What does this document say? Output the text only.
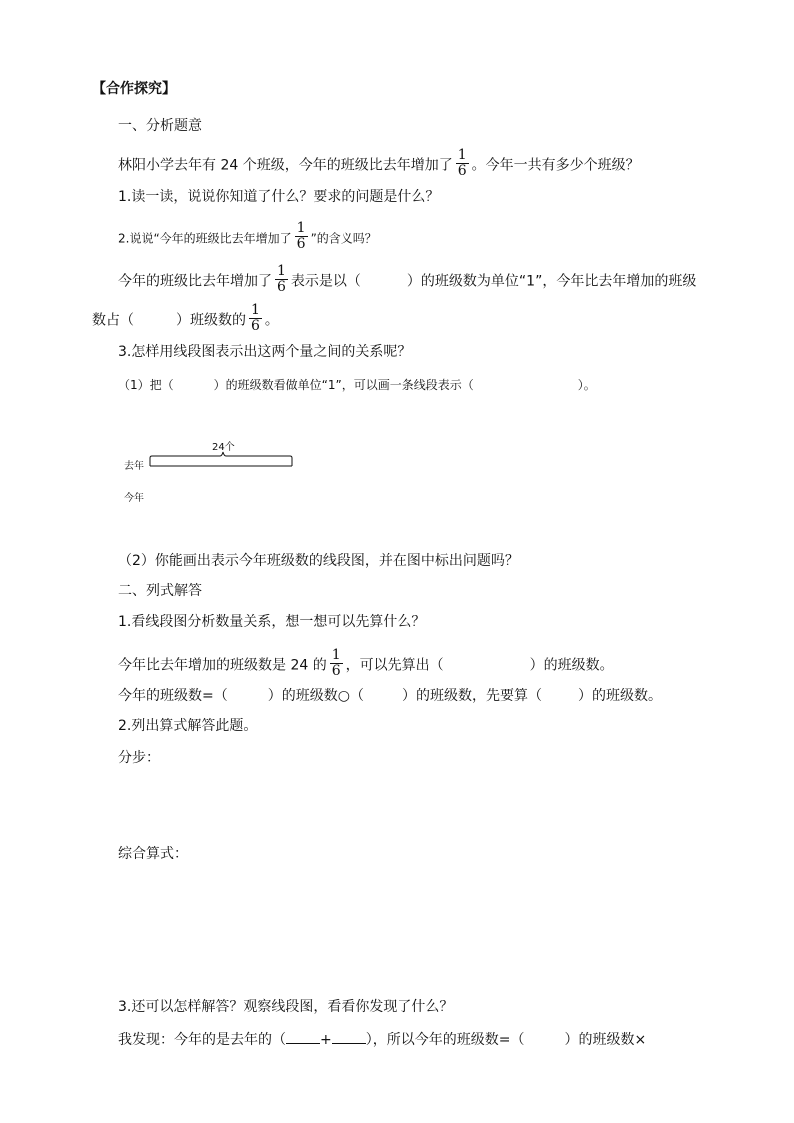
【合作探究】
一、分析题意
林阳小学去年有 24 个班级，今年的班级比去年增加了 $\frac{1}{6}$ 。今年一共有多少个班级？
1.读一读，说说你知道了什么？要求的问题是什么？
2.说说“今年的班级比去年增加了 $\frac{1}{6}$ ”的含义吗？
今年的班级比去年增加了 $\frac{1}{6}$ 表示是以（	）的班级数为单位“1”，今年比去年增加的班级
数占（	）班级数的 $\frac{1}{6}$ 。
3.怎样用线段图表示出这两个量之间的关系呢？
（1）把（	）的班级数看做单位“1”，可以画一条线段表示（	）。
24个
去年
今年
（2）你能画出表示今年班级数的线段图，并在图中标出问题吗？
二、列式解答
1.看线段图分析数量关系，想一想可以先算什么？
今年比去年增加的班级数是 24 的 $\frac{1}{6}$ ，可以先算出（	）的班级数。
今年的班级数=（	）的班级数○（	）的班级数，先要算（	）的班级数。
2.列出算式解答此题。
分步：
综合算式：
3.还可以怎样解答？观察线段图，看看你发现了什么？
我发现：今年的是去年的（ + ），所以今年的班级数=（	）的班级数×
